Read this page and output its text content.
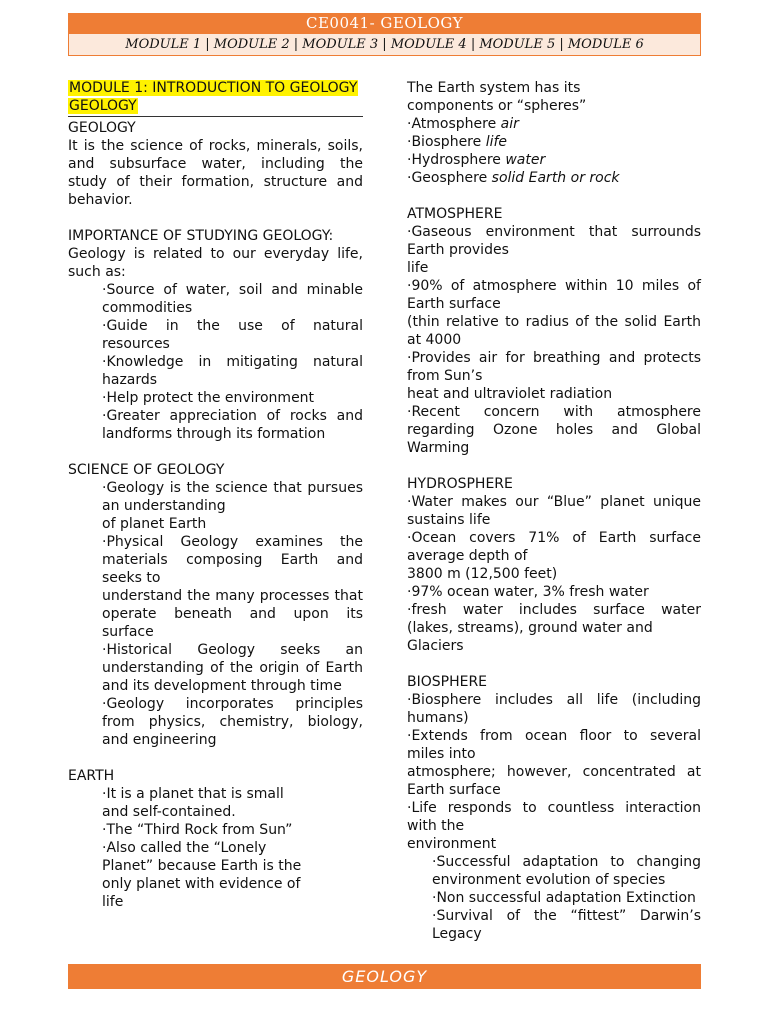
CE0041- GEOLOGY
MODULE 1 | MODULE 2 | MODULE 3 | MODULE 4 | MODULE 5 | MODULE 6
MODULE 1: INTRODUCTION TO GEOLOGY
GEOLOGY

GEOLOGY

It is the science of rocks, minerals, soils, and subsurface water, including the study of their formation, structure and behavior.

IMPORTANCE OF STUDYING GEOLOGY:

Geology is related to our everyday life, such as:

·Source of water, soil and minable commodities

·Guide in the use of natural resources

·Knowledge in mitigating natural hazards

·Help protect the environment

·Greater appreciation of rocks and landforms through its formation

SCIENCE OF GEOLOGY

·Geology is the science that pursues an understanding

of planet Earth

·Physical Geology examines the materials composing Earth and seeks to

understand the many processes that operate beneath and upon its surface

·Historical Geology seeks an understanding of the origin of Earth and its development through time

·Geology incorporates principles from physics, chemistry, biology, and engineering

EARTH

·It is a planet that is small and self-contained.

·The “Third Rock from Sun”

·Also called the “Lonely Planet” because Earth is the only planet with evidence of life

The Earth system has its components or “spheres”

·Atmosphere air

·Biosphere life

·Hydrosphere water

·Geosphere solid Earth or rock

ATMOSPHERE

·Gaseous environment that surrounds Earth provides

life

·90% of atmosphere within 10 miles of Earth surface

(thin relative to radius of the solid Earth at 4000

·Provides air for breathing and protects from Sun’s

heat and ultraviolet radiation

·Recent concern with atmosphere regarding Ozone holes and Global Warming

HYDROSPHERE

·Water makes our “Blue” planet unique sustains life

·Ocean covers 71% of Earth surface average depth of

3800 m (12,500 feet)

·97% ocean water, 3% fresh water

·fresh water includes surface water (lakes, streams), ground water and

Glaciers

BIOSPHERE

·Biosphere includes all life (including humans)

·Extends from ocean floor to several miles into

atmosphere; however, concentrated at Earth surface

·Life responds to countless interaction with the

environment

·Successful adaptation to changing environment evolution of species

·Non successful adaptation Extinction

·Survival of the “fittest” Darwin’s Legacy

GEOLOGY
